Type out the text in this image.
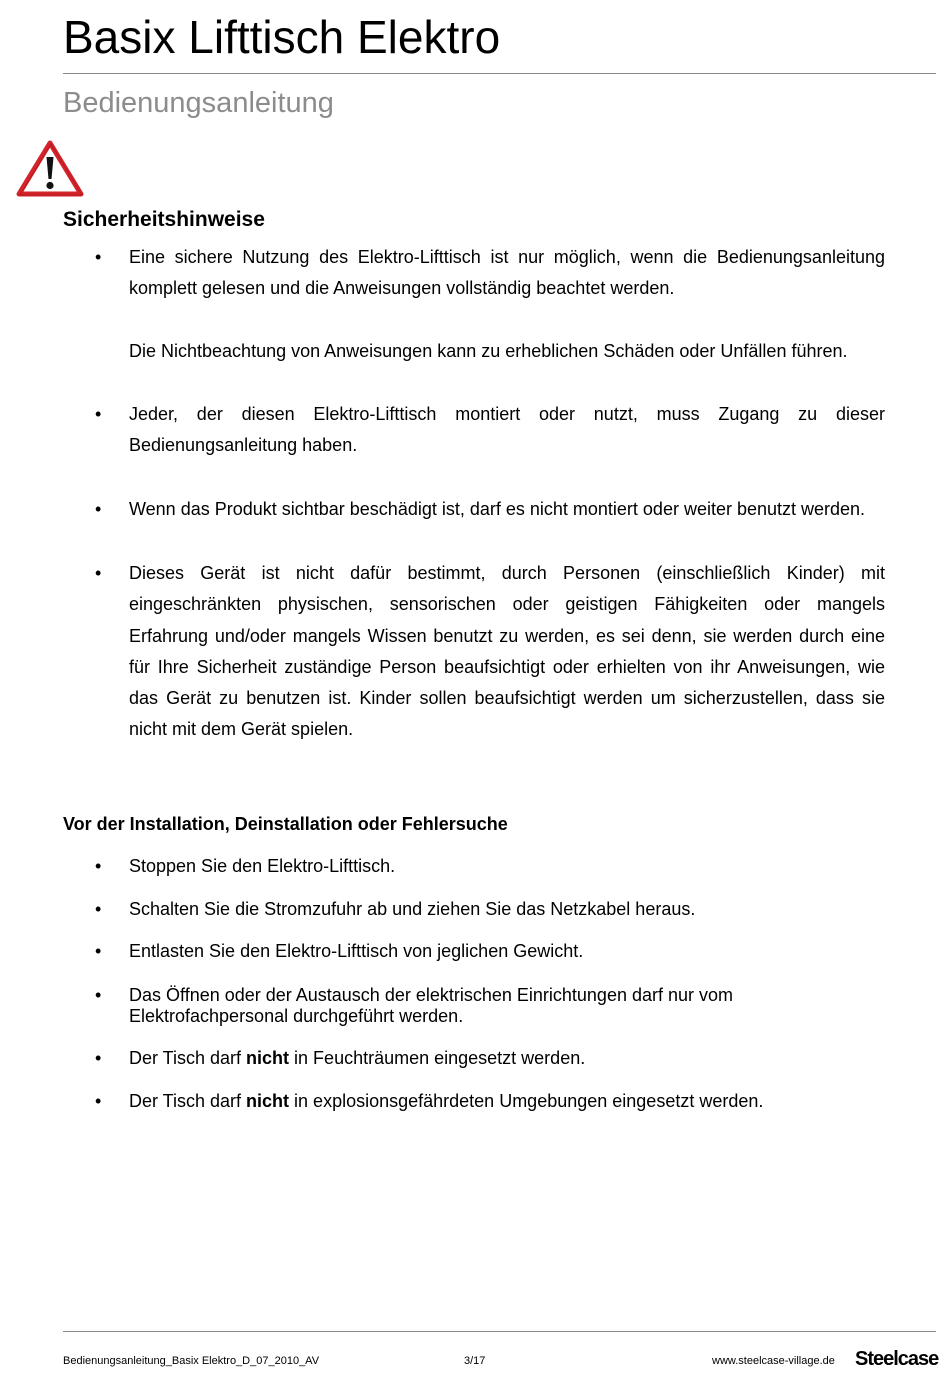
Basix Lifttisch Elektro
Bedienungsanleitung
Sicherheitshinweise
• Eine sichere Nutzung des Elektro-Lifttisch ist nur möglich, wenn die Bedienungsanleitung komplett gelesen und die Anweisungen vollständig beachtet werden.
Die Nichtbeachtung von Anweisungen kann zu erheblichen Schäden oder Unfällen führen.
• Jeder, der diesen Elektro-Lifttisch montiert oder nutzt, muss Zugang zu dieser Bedienungsanleitung haben.
• Wenn das Produkt sichtbar beschädigt ist, darf es nicht montiert oder weiter benutzt werden.
• Dieses Gerät ist nicht dafür bestimmt, durch Personen (einschließlich Kinder) mit eingeschränkten physischen, sensorischen oder geistigen Fähigkeiten oder mangels Erfahrung und/oder mangels Wissen benutzt zu werden, es sei denn, sie werden durch eine für Ihre Sicherheit zuständige Person beaufsichtigt oder erhielten von ihr Anweisungen, wie das Gerät zu benutzen ist. Kinder sollen beaufsichtigt werden um sicherzustellen, dass sie nicht mit dem Gerät spielen.
Vor der Installation, Deinstallation oder Fehlersuche
• Stoppen Sie den Elektro-Lifttisch.
• Schalten Sie die Stromzufuhr ab und ziehen Sie das Netzkabel heraus.
• Entlasten Sie den Elektro-Lifttisch von jeglichen Gewicht.
• Das Öffnen oder der Austausch der elektrischen Einrichtungen darf nur vom Elektrofachpersonal durchgeführt werden.
• Der Tisch darf nicht in Feuchträumen eingesetzt werden.
• Der Tisch darf nicht in explosionsgefährdeten Umgebungen eingesetzt werden.
Bedienungsanleitung_Basix Elektro_D_07_2010_AV	3/17	www.steelcase-village.de Steelcase
